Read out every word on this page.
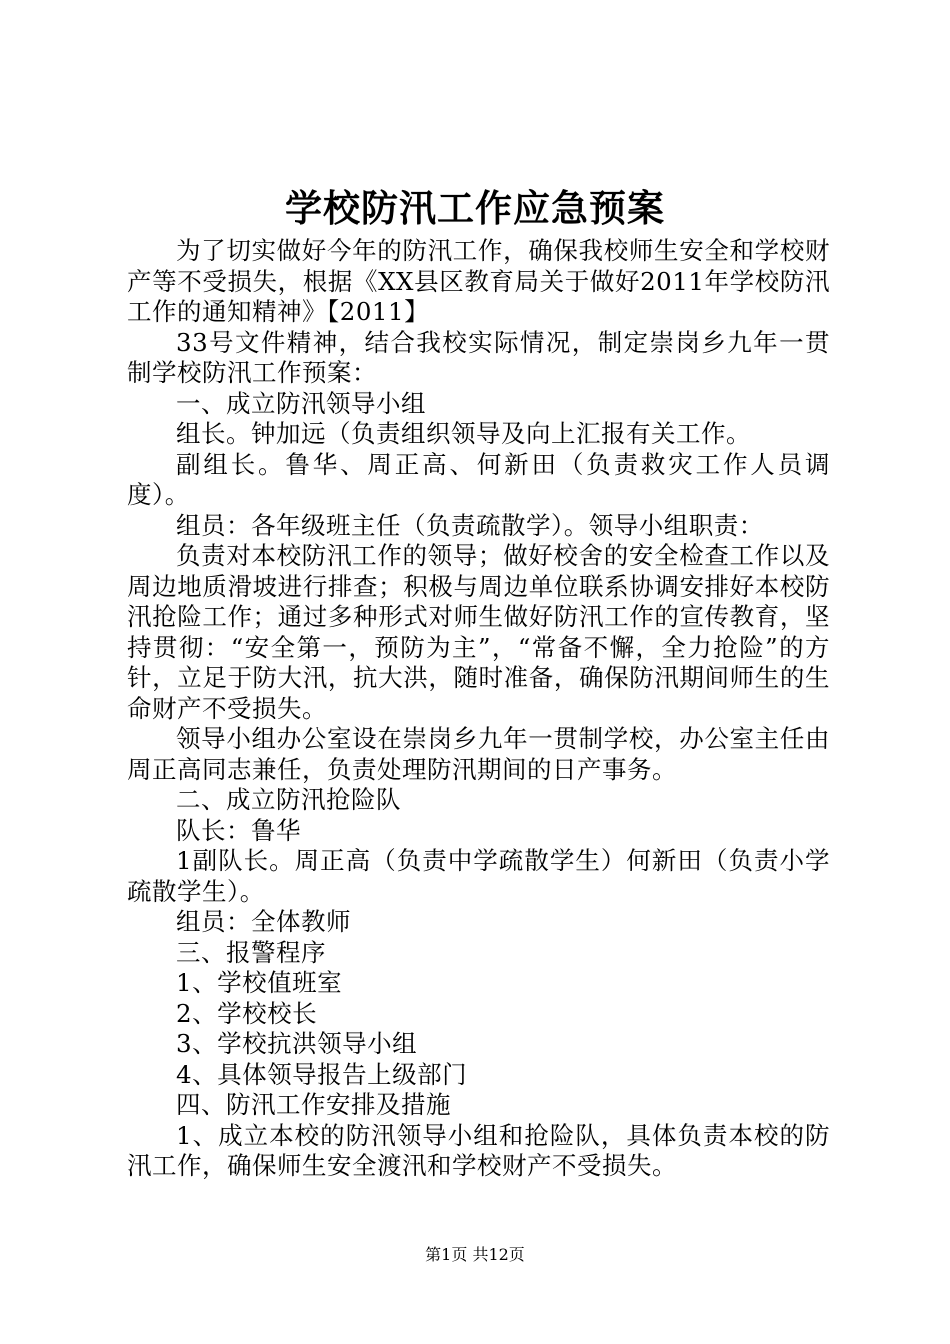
学校防汛工作应急预案

为了切实做好今年的防汛工作，确保我校师生安全和学校财产等不受损失，根据《XX县区教育局关于做好2011年学校防汛工作的通知精神》【2011】

33号文件精神，结合我校实际情况，制定崇岗乡九年一贯制学校防汛工作预案：

一、成立防汛领导小组

组长。钟加远（负责组织领导及向上汇报有关工作。

副组长。鲁华、周正高、何新田（负责救灾工作人员调度）。

组员：各年级班主任（负责疏散学）。领导小组职责：

负责对本校防汛工作的领导；做好校舍的安全检查工作以及周边地质滑坡进行排查；积极与周边单位联系协调安排好本校防汛抢险工作；通过多种形式对师生做好防汛工作的宣传教育，坚持贯彻：“安全第一，预防为主”，“常备不懈，全力抢险”的方针，立足于防大汛，抗大洪，随时准备，确保防汛期间师生的生命财产不受损失。

领导小组办公室设在崇岗乡九年一贯制学校，办公室主任由周正高同志兼任，负责处理防汛期间的日产事务。

二、成立防汛抢险队

队长：鲁华

1副队长。周正高（负责中学疏散学生）何新田（负责小学疏散学生）。

组员：全体教师

三、报警程序

1、学校值班室

2、学校校长

3、学校抗洪领导小组

4、具体领导报告上级部门

四、防汛工作安排及措施

1、成立本校的防汛领导小组和抢险队，具体负责本校的防汛工作，确保师生安全渡汛和学校财产不受损失。

第1页 共12页
